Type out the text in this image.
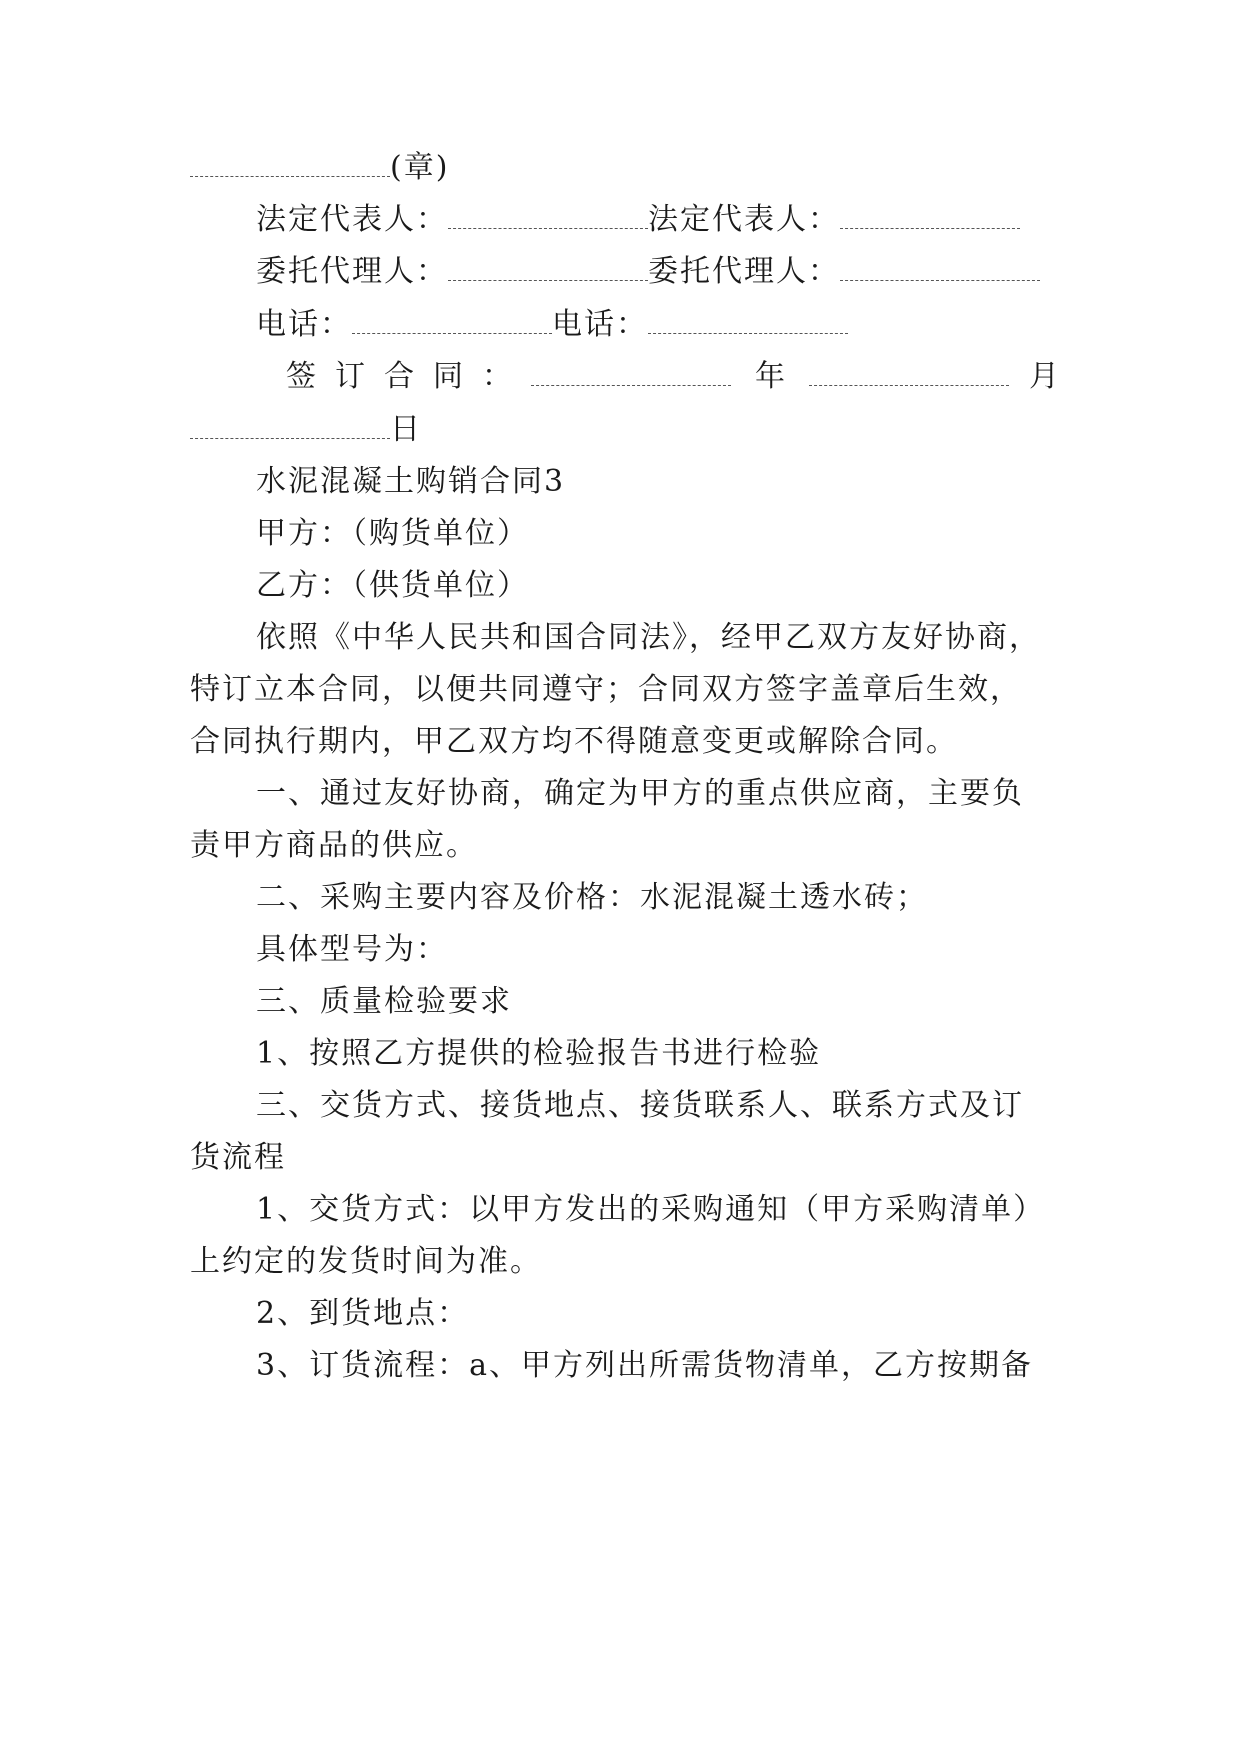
(章)
法定代表人：	法定代表人：
委托代理人：	委托代理人：
电话：	电话：
签订合同：	年	月
日
水泥混凝土购销合同3
甲方：（购货单位）
乙方：（供货单位）
依照《中华人民共和国合同法》，经甲乙双方友好协商，
特订立本合同，以便共同遵守；合同双方签字盖章后生效，
合同执行期内，甲乙双方均不得随意变更或解除合同。
一、通过友好协商，确定为甲方的重点供应商，主要负
责甲方商品的供应。
二、采购主要内容及价格：水泥混凝土透水砖；
具体型号为：
三、质量检验要求
1、按照乙方提供的检验报告书进行检验
三、交货方式、接货地点、接货联系人、联系方式及订
货流程
1、交货方式：以甲方发出的采购通知（甲方采购清单）
上约定的发货时间为准。
2、到货地点：
3、订货流程：a、甲方列出所需货物清单，乙方按期备
